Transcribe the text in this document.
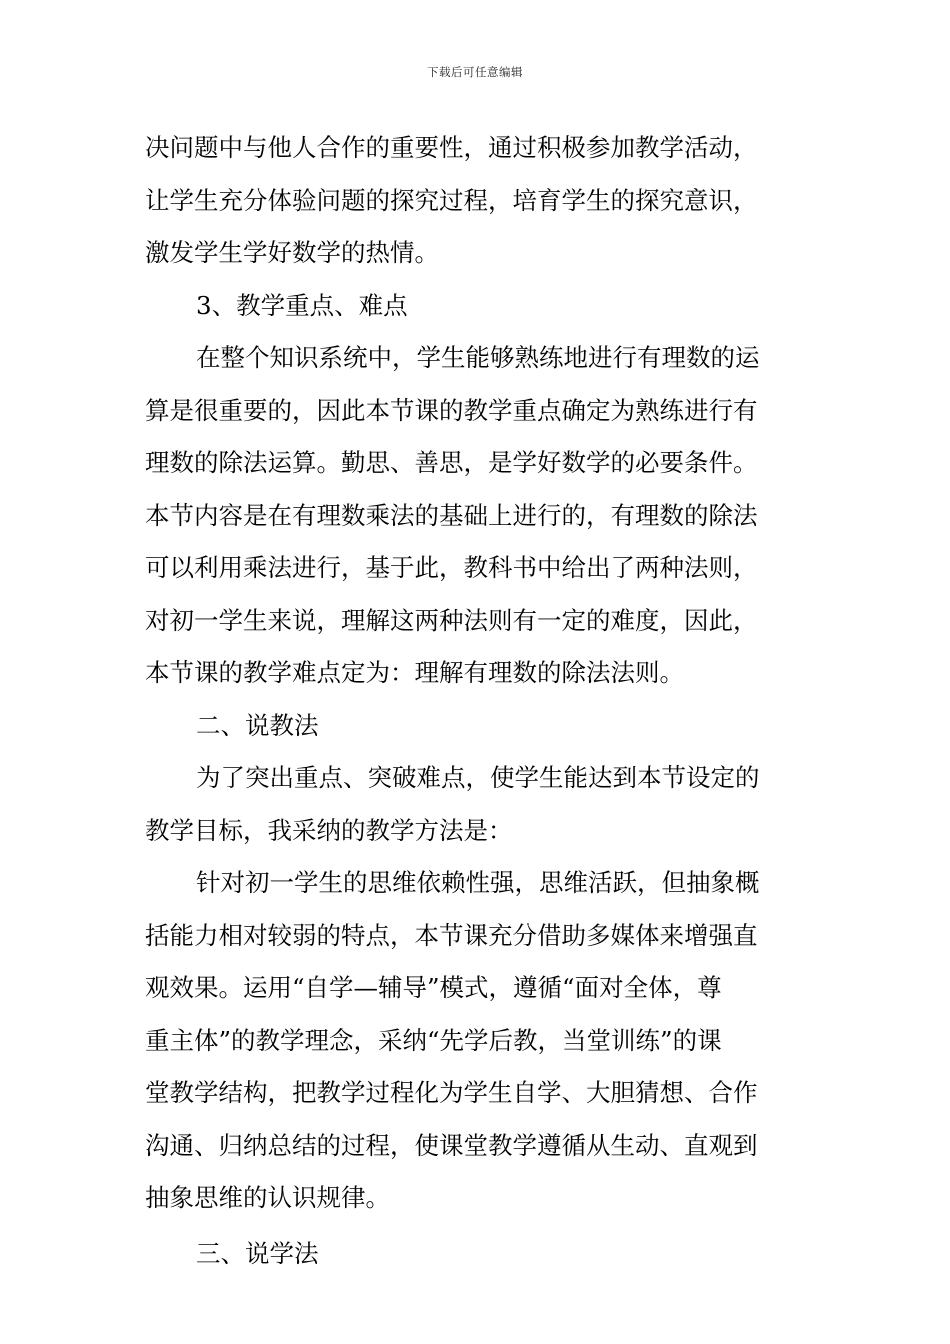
下载后可任意编辑
决问题中与他人合作的重要性，通过积极参加教学活动，
让学生充分体验问题的探究过程，培育学生的探究意识，
激发学生学好数学的热情。
3、教学重点、难点
在整个知识系统中，学生能够熟练地进行有理数的运
算是很重要的，因此本节课的教学重点确定为熟练进行有
理数的除法运算。勤思、善思，是学好数学的必要条件。
本节内容是在有理数乘法的基础上进行的，有理数的除法
可以利用乘法进行，基于此，教科书中给出了两种法则，
对初一学生来说，理解这两种法则有一定的难度，因此，
本节课的教学难点定为：理解有理数的除法法则。
二、说教法
为了突出重点、突破难点，使学生能达到本节设定的
教学目标，我采纳的教学方法是：
针对初一学生的思维依赖性强，思维活跃，但抽象概
括能力相对较弱的特点，本节课充分借助多媒体来增强直
观效果。运用“自学—辅导”模式，遵循“面对全体，尊
重主体”的教学理念，采纳“先学后教，当堂训练”的课
堂教学结构，把教学过程化为学生自学、大胆猜想、合作
沟通、归纳总结的过程，使课堂教学遵循从生动、直观到
抽象思维的认识规律。
三、说学法
